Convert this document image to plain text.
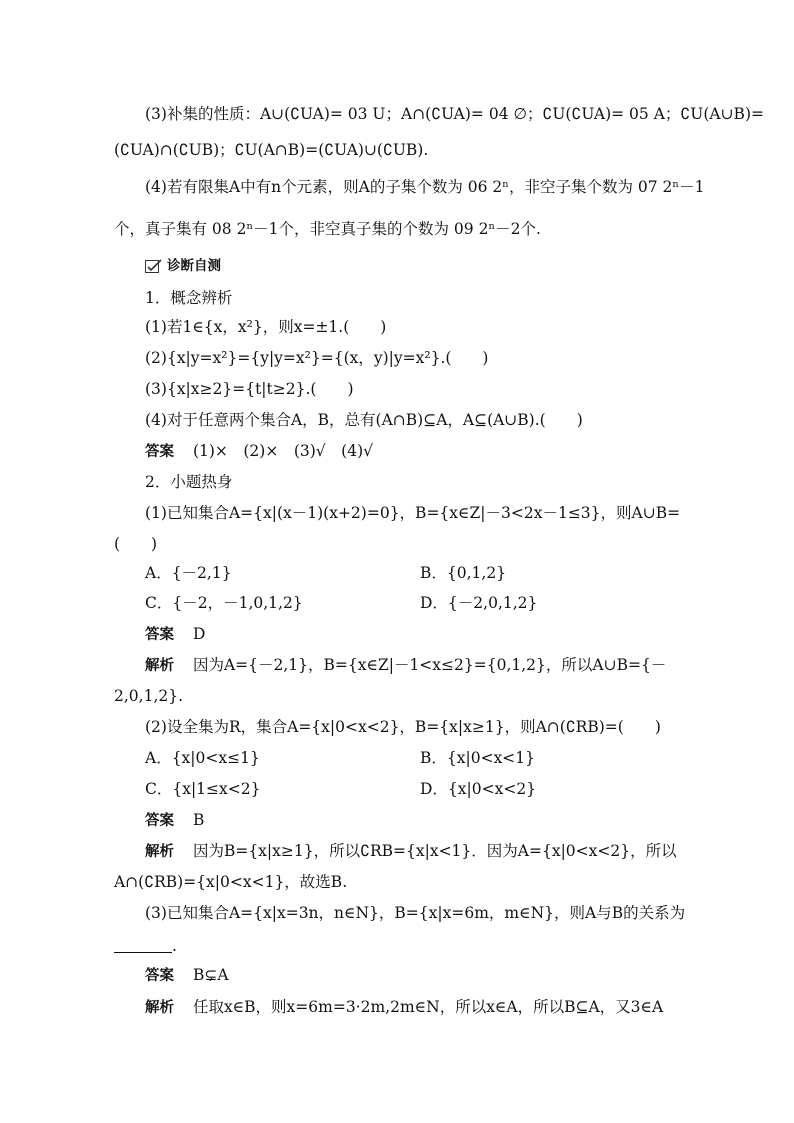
(3)补集的性质：A∪(∁UA)= 03 U；A∩(∁UA)= 04 ∅；∁U(∁UA)= 05 A；∁U(A∪B)=
(∁UA)∩(∁UB)；∁U(A∩B)=(∁UA)∪(∁UB).
(4)若有限集A中有n个元素，则A的子集个数为 06 2ⁿ，非空子集个数为 07 2ⁿ－1
个，真子集有 08 2ⁿ－1个，非空真子集的个数为 09 2ⁿ－2个.
诊断自测
1．概念辨析
(1)若1∈{x，x²}，则x=±1.(　　)
(2){x|y=x²}={y|y=x²}={(x，y)|y=x²}.(　　)
(3){x|x≥2}={t|t≥2}.(　　)
(4)对于任意两个集合A，B，总有(A∩B)⊆A，A⊆(A∪B).(　　)
答案 (1)×　(2)×　(3)√　(4)√
2．小题热身
(1)已知集合A={x|(x－1)(x+2)=0}，B={x∈Z|－3<2x－1≤3}，则A∪B=
(　　)
A．{－2,1}	B．{0,1,2}
C．{－2，－1,0,1,2}	D．{－2,0,1,2}
答案 D
解析 因为A={－2,1}，B={x∈Z|－1<x≤2}={0,1,2}，所以A∪B={－
2,0,1,2}.
(2)设全集为R，集合A={x|0<x<2}，B={x|x≥1}，则A∩(∁RB)=(　　)
A．{x|0<x≤1}	B．{x|0<x<1}
C．{x|1≤x<2}	D．{x|0<x<2}
答案 B
解析 因为B={x|x≥1}，所以∁RB={x|x<1}．因为A={x|0<x<2}，所以
A∩(∁RB)={x|0<x<1}，故选B.
(3)已知集合A={x|x=3n，n∈N}，B={x|x=6m，m∈N}，则A与B的关系为
.
答案 B⊊A
解析 任取x∈B，则x=6m=3·2m,2m∈N，所以x∈A，所以B⊆A，又3∈A
